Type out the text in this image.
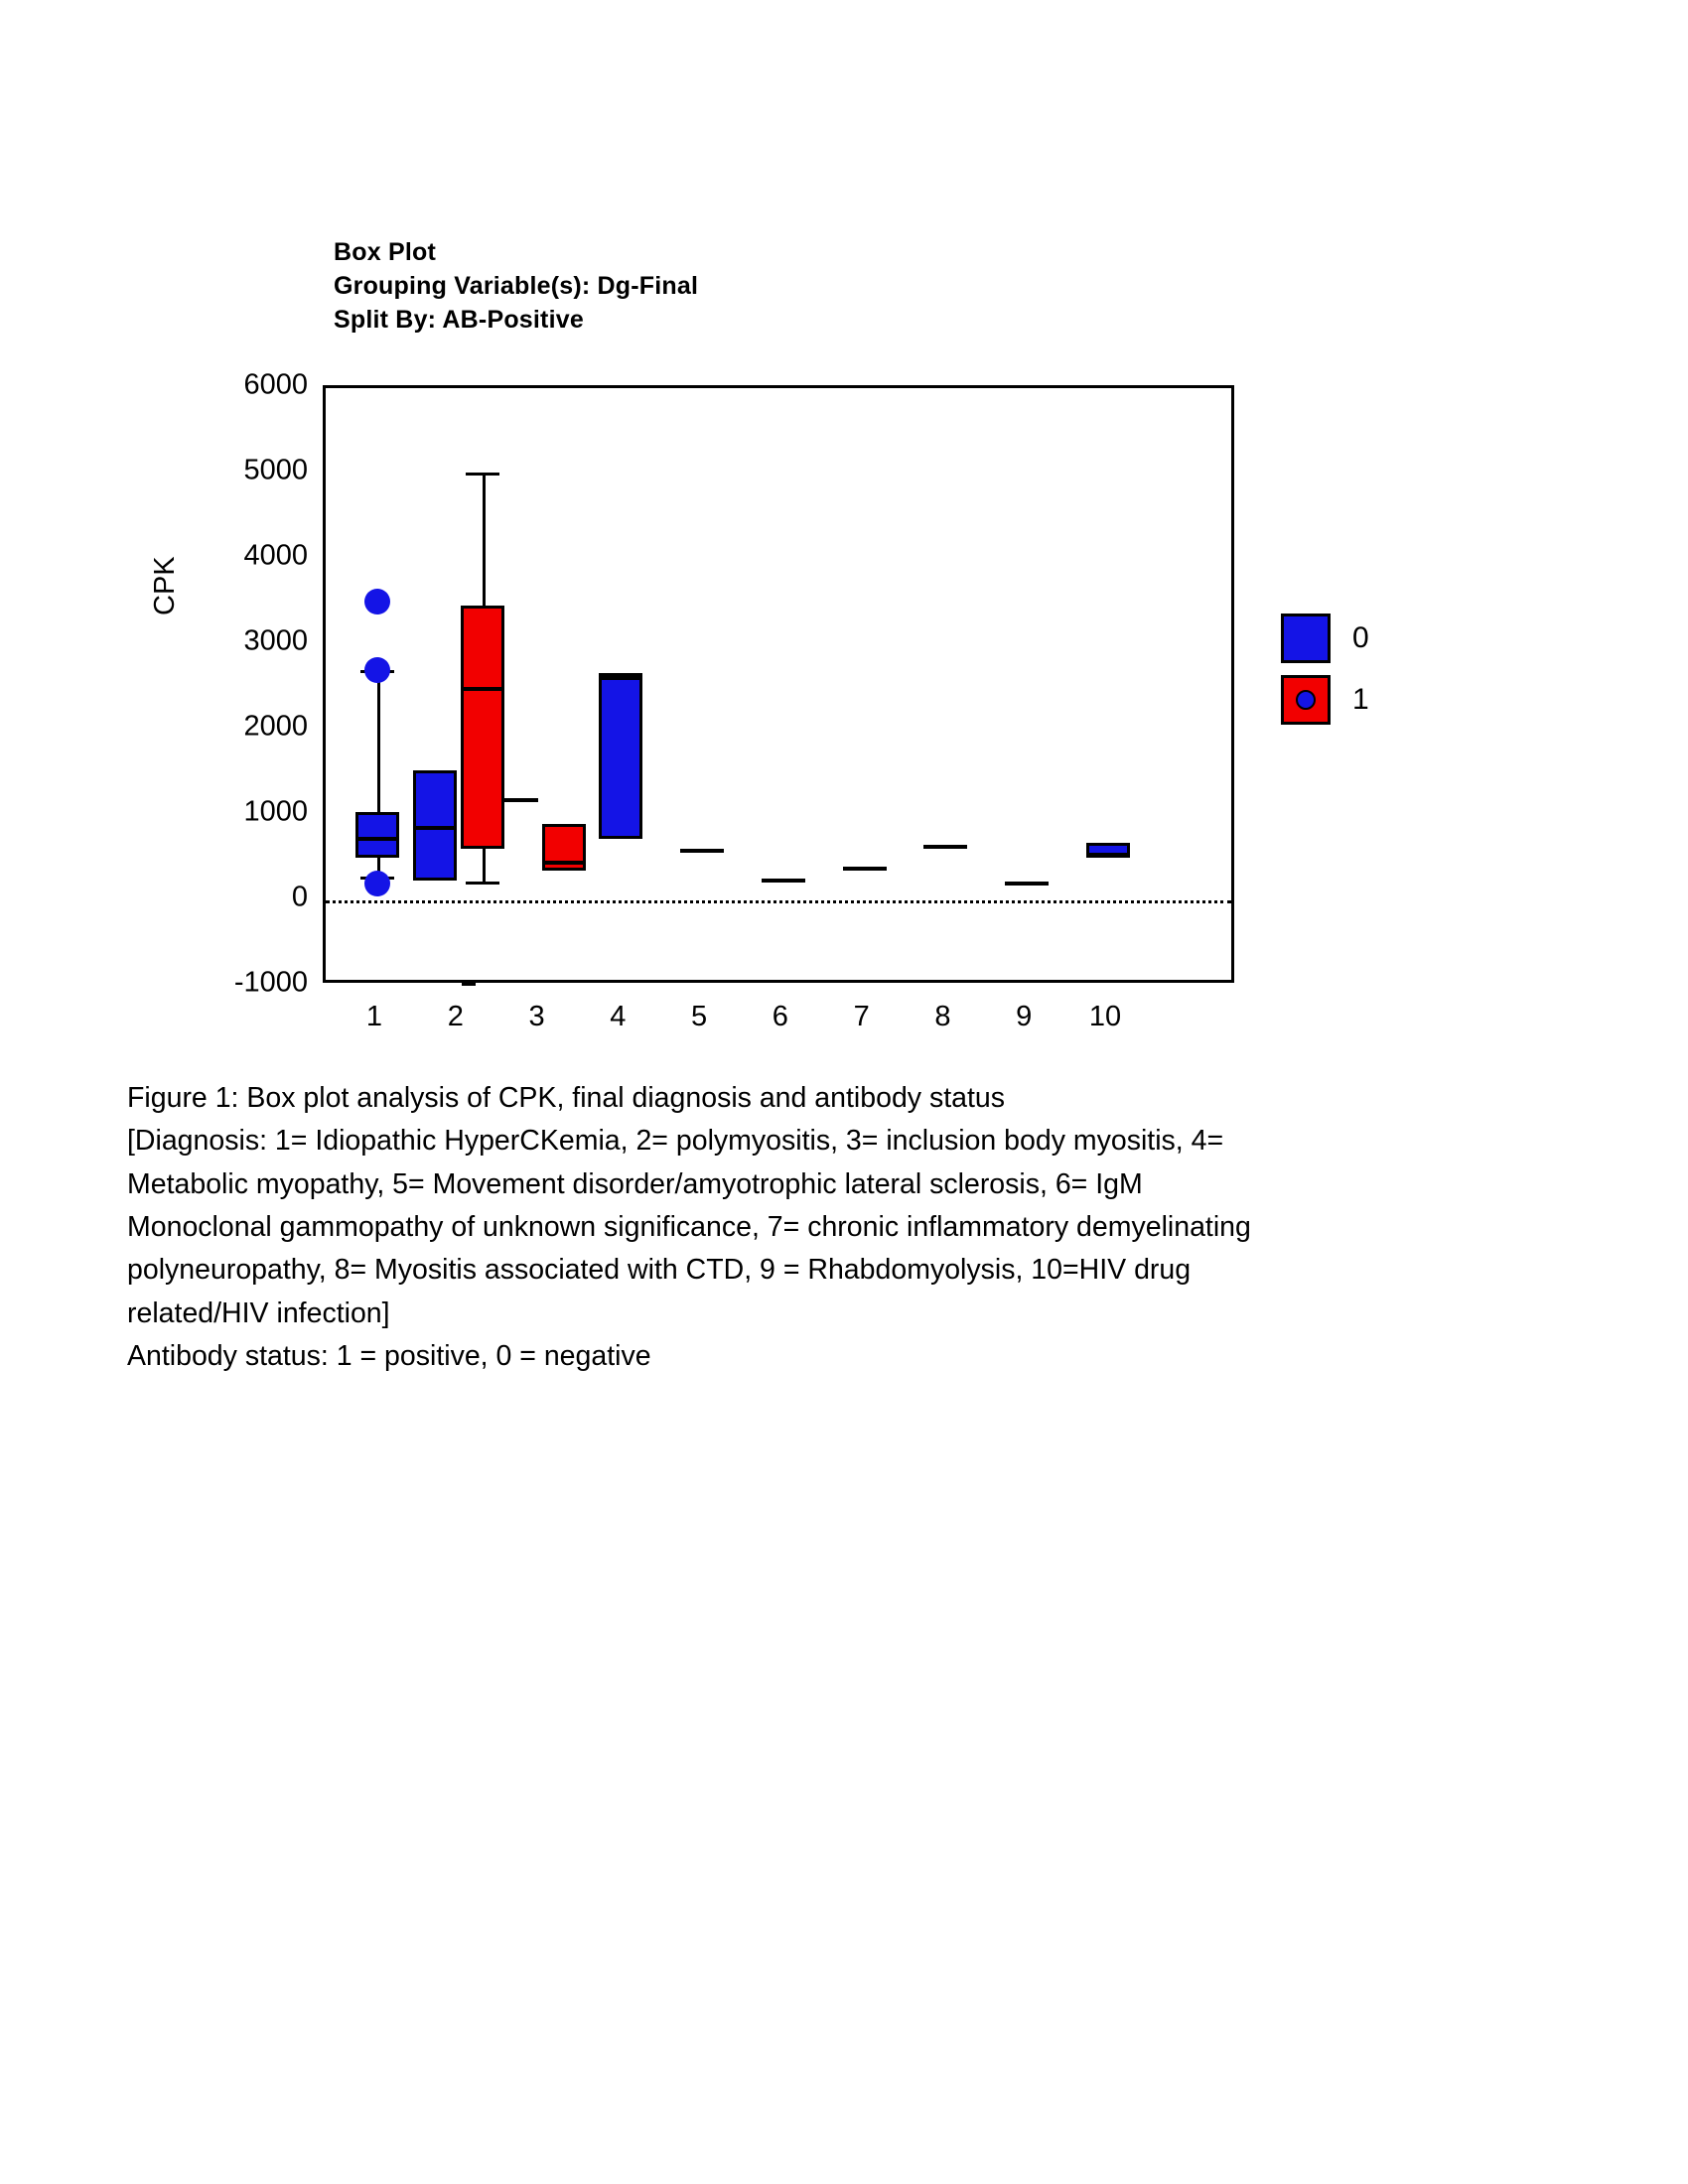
Box Plot
Grouping Variable(s): Dg-Final
Split By: AB-Positive
CPK
6000
5000
4000
3000
2000
1000
0
-1000
1 2 3 4 5 6 7 8 9 10
0
1

Figure 1: Box plot analysis of CPK, final diagnosis and antibody status

[Diagnosis: 1= Idiopathic HyperCKemia, 2= polymyositis, 3= inclusion body myositis, 4=

Metabolic myopathy, 5= Movement disorder/amyotrophic lateral sclerosis, 6= IgM

Monoclonal gammopathy of unknown significance, 7= chronic inflammatory demyelinating

polyneuropathy, 8= Myositis associated with CTD, 9 = Rhabdomyolysis, 10=HIV drug

related/HIV infection]

Antibody status: 1 = positive, 0 = negative
